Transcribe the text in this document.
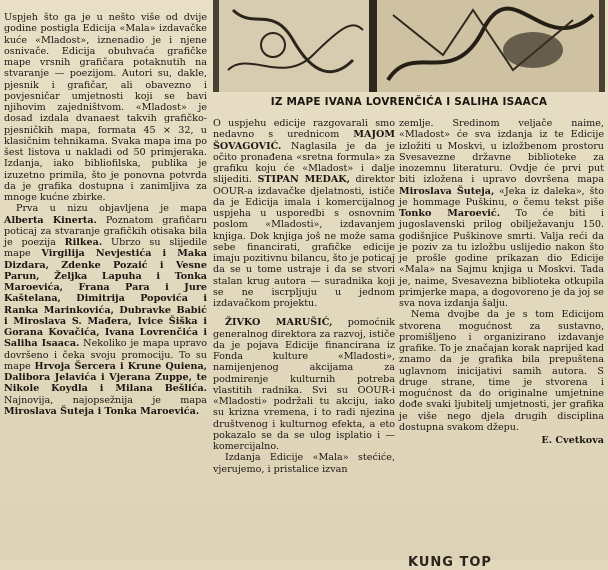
IZ MAPE IVANA LOVRENČIĆA I SALIHA ISAACA

Uspjeh što ga je u nešto više od dvije godine postigla Edicija «Mala» izdavačke kuće «Mladost», iznenadio je i njene osnivače. Edicija obuhvaća grafičke mape vrsnih grafičara potaknutih na stvaranje — poezijom. Autori su, dakle, pjesnik i grafičar, ali obavezno i povjesničar umjetnosti koji se bavi njihovim zajedništvom. «Mladost» je dosad izdala dvanaest takvih grafičko-pjesničkih mapa, formata 45 × 32, u klasičnim tehnikama. Svaka mapa ima po šest listova u nakladi od 50 primjeraka. Izdanja, iako bibliofilska, publika je izuzetno primila, što je ponovna potvrda da je grafika dostupna i zanimljiva za mnoge kućne zbirke.

Prva u nizu objavljena je mapa Alberta Kinerta. Poznatom grafičaru poticaj za stvaranje grafičkih otisaka bila je poezija Rilkea. Ubrzo su slijedile mape Virgilija Nevjestića i Maka Dizdara, Zdenke Pozaić i Vesne Parun, Željka Lapuha i Tonka Maroevića, Frana Para i Jure Kaštelana, Dimitrija Popovića i Ranka Marinkovića, Dubravke Babić i Miroslava S. Mađera, Ivice Šiška i Gorana Kovačića, Ivana Lovrenčića i Saliha Isaaca. Nekoliko je mapa upravo dovršeno i čeka svoju promociju. To su mape Hrvoja Šercera i Krune Quiena, Dalibora Jelavića i Vjerana Zuppe, te Nikole Koydla i Milana Bešlića. Najnovija, najopsežnija je mapa Miroslava Šuteja i Tonka Maroevića.

O uspjehu edicije razgovarali smo nedavno s urednicom MAJOM ŠOVAGOVIĆ. Naglasila je da je očito pronađena «sretna formula» za grafiku koju će «Mladost» i dalje slijediti. STIPAN MEDAK, direktor OOUR-a izdavačke djelatnosti, ističe da je Edicija imala i komercijalnog uspjeha u usporedbi s osnovnim poslom «Mladosti», izdavanjem knjiga. Dok knjiga još ne može sama sebe financirati, grafičke edicije imaju pozitivnu bilancu, što je poticaj da se u tome ustraje i da se stvori stalan krug autora — suradnika koji se ne iscrpljuju u jednom izdavačkom projektu.

ŽIVKO MARUŠIĆ, pomoćnik generalnog direktora za razvoj, ističe da je pojava Edicije financirana iz Fonda kulture «Mladosti», namijenjenog akcijama za podmirenje kulturnih potreba vlastitih radnika. Svi su OOUR-i «Mladosti» podržali tu akciju, iako su krizna vremena, i to radi njezina društvenog i kulturnog efekta, a eto pokazalo se da se ulog isplatio i — komercijalno.

Izdanja Edicije «Mala» stećiće, vjerujemo, i pristalice izvan

zemlje. Sredinom veljače naime, «Mladost» će sva izdanja iz te Edicije izložiti u Moskvi, u izložbenom prostoru Svesavezne državne biblioteke za inozemnu literaturu. Ovdje će prvi put biti izložena i upravo dovršena mapa Miroslava Šuteja, «Jeka iz daleka», što je hommage Puškinu, o čemu tekst piše Tonko Maroević. To će biti i jugoslavenski prilog obilježavanju 150. godišnjice Puškinove smrti. Valja reći da je poziv za tu izložbu uslijedio nakon što je prošle godine prikazan dio Edicije «Mala» na Sajmu knjiga u Moskvi. Tada je, naime, Svesavezna biblioteka otkupila primjerke mapa, a dogovoreno je da joj se sva nova izdanja šalju.

Nema dvojbe da je s tom Edicijom stvorena mogućnost za sustavno, promišljeno i organizirano izdavanje grafike. To je značajan korak naprijed kad znamo da je grafika bila prepuštena uglavnom inicijativi samih autora. S druge strane, time je stvorena i mogućnost da do originalne umjetnine dođe svaki ljubitelj umjetnosti, jer grafika je više nego djela drugih disciplina dostupna svakom džepu.

E. Cvetkova
KUNG TOP
